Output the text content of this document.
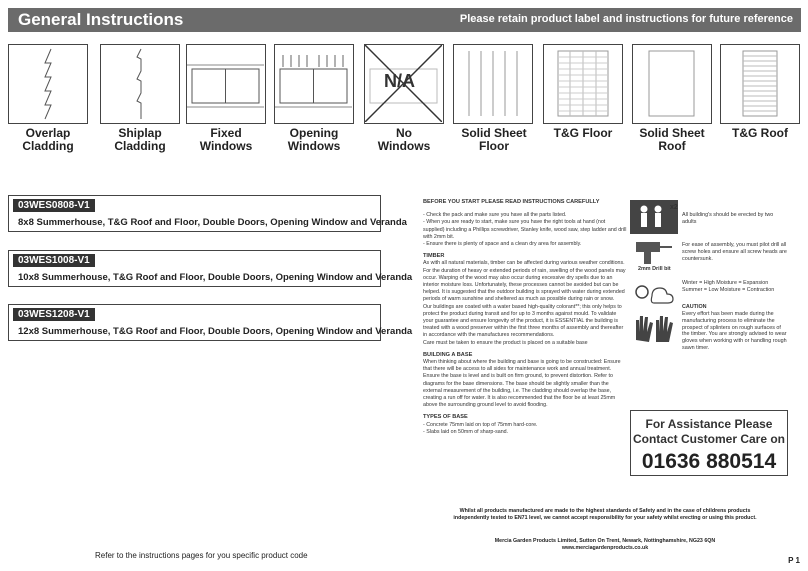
General Instructions	Please retain product label and instructions for future reference
Overlap
Cladding
Shiplap
Cladding
Fixed
Windows
Opening
Windows
N/A
No
Windows
Solid Sheet
Floor
T&G Floor	Solid Sheet
Roof
T&G Roof
03WES0808-V1
8x8 Summerhouse, T&G Roof and Floor, Double Doors, Opening Window and Veranda
03WES1008-V1
10x8 Summerhouse, T&G Roof and Floor, Double Doors, Opening Window and Veranda
03WES1208-V1
12x8 Summerhouse, T&G Roof and Floor, Double Doors, Opening Window and Veranda
BEFORE YOU START PLEASE READ INSTRUCTIONS CAREFULLY
- Check the pack and make sure you have all the parts listed.
- When you are ready to start, make sure you have the right tools at hand (not supplied) including a Phillips screwdriver, Stanley knife, wood saw, step ladder and drill with 2mm bit.
- Ensure there is plenty of space and a clean dry area for assembly.
TIMBER
As with all natural materials, timber can be affected during various weather conditions. For the duration of heavy or extended periods of rain, swelling of the wood panels may occur. Warping of the wood may also occur during excessive dry spells due to an interior moisture loss. Unfortunately, these processes cannot be avoided but can be helped. It is suggested that the outdoor building is sprayed with water during extended periods of warm sunshine and sheltered as much as possible during rain or snow.
Our buildings are coated with a water based high-quality colorant**; this only helps to protect the product during transit and for up to 3 months against mould. To validate your guarantee and ensure longevity of the product, it is ESSENTIAL the building is treated with a wood preserver within the first three months of assembly and thereafter in accordance with the manufactures recommendations.
Care must be taken to ensure the product is placed on a suitable base
BUILDING A BASE
When thinking about where the building and base is going to be constructed: Ensure that there will be access to all sides for maintenance work and annual treatment.
Ensure the base is level and is built on firm ground, to prevent distortion. Refer to diagrams for the base dimensions. The base should be slightly smaller than the external measurement of the building, i.e. The cladding should overlap the base, creating a run off for water. It is also recommended that the floor be at least 25mm above the surrounding ground level to avoid flooding.
TYPES OF BASE
- Concrete 75mm laid on top of 75mm hard-core.
- Slabs laid on 50mm of sharp-sand.
x2
All building's should be erected by two adults
For ease of assembly, you must pilot drill all screw holes and ensure all screw heads are countersunk.
2mm Drill bit
Winter = High Moisture = Expansion
Summer = Low Moisture = Contraction
CAUTION
Every effort has been made during the manufacturing process to eliminate the prospect of splinters on rough surfaces of the timber. You are strongly advised to wear gloves when working with or handling rough sawn timer.
For Assistance Please
Contact Customer Care on
01636 880514
Whilst all products manufactured are made to the highest standards of Safety and in the case of childrens products
independently tested to EN71 level, we cannot accept responsibility for your safety whilst erecting or using this product.
Mercia Garden Products Limited, Sutton On Trent, Newark, Nottinghamshire, NG23 6QN
www.merciagardenproducts.co.uk
Refer to the instructions pages for you specific product code
P 1
